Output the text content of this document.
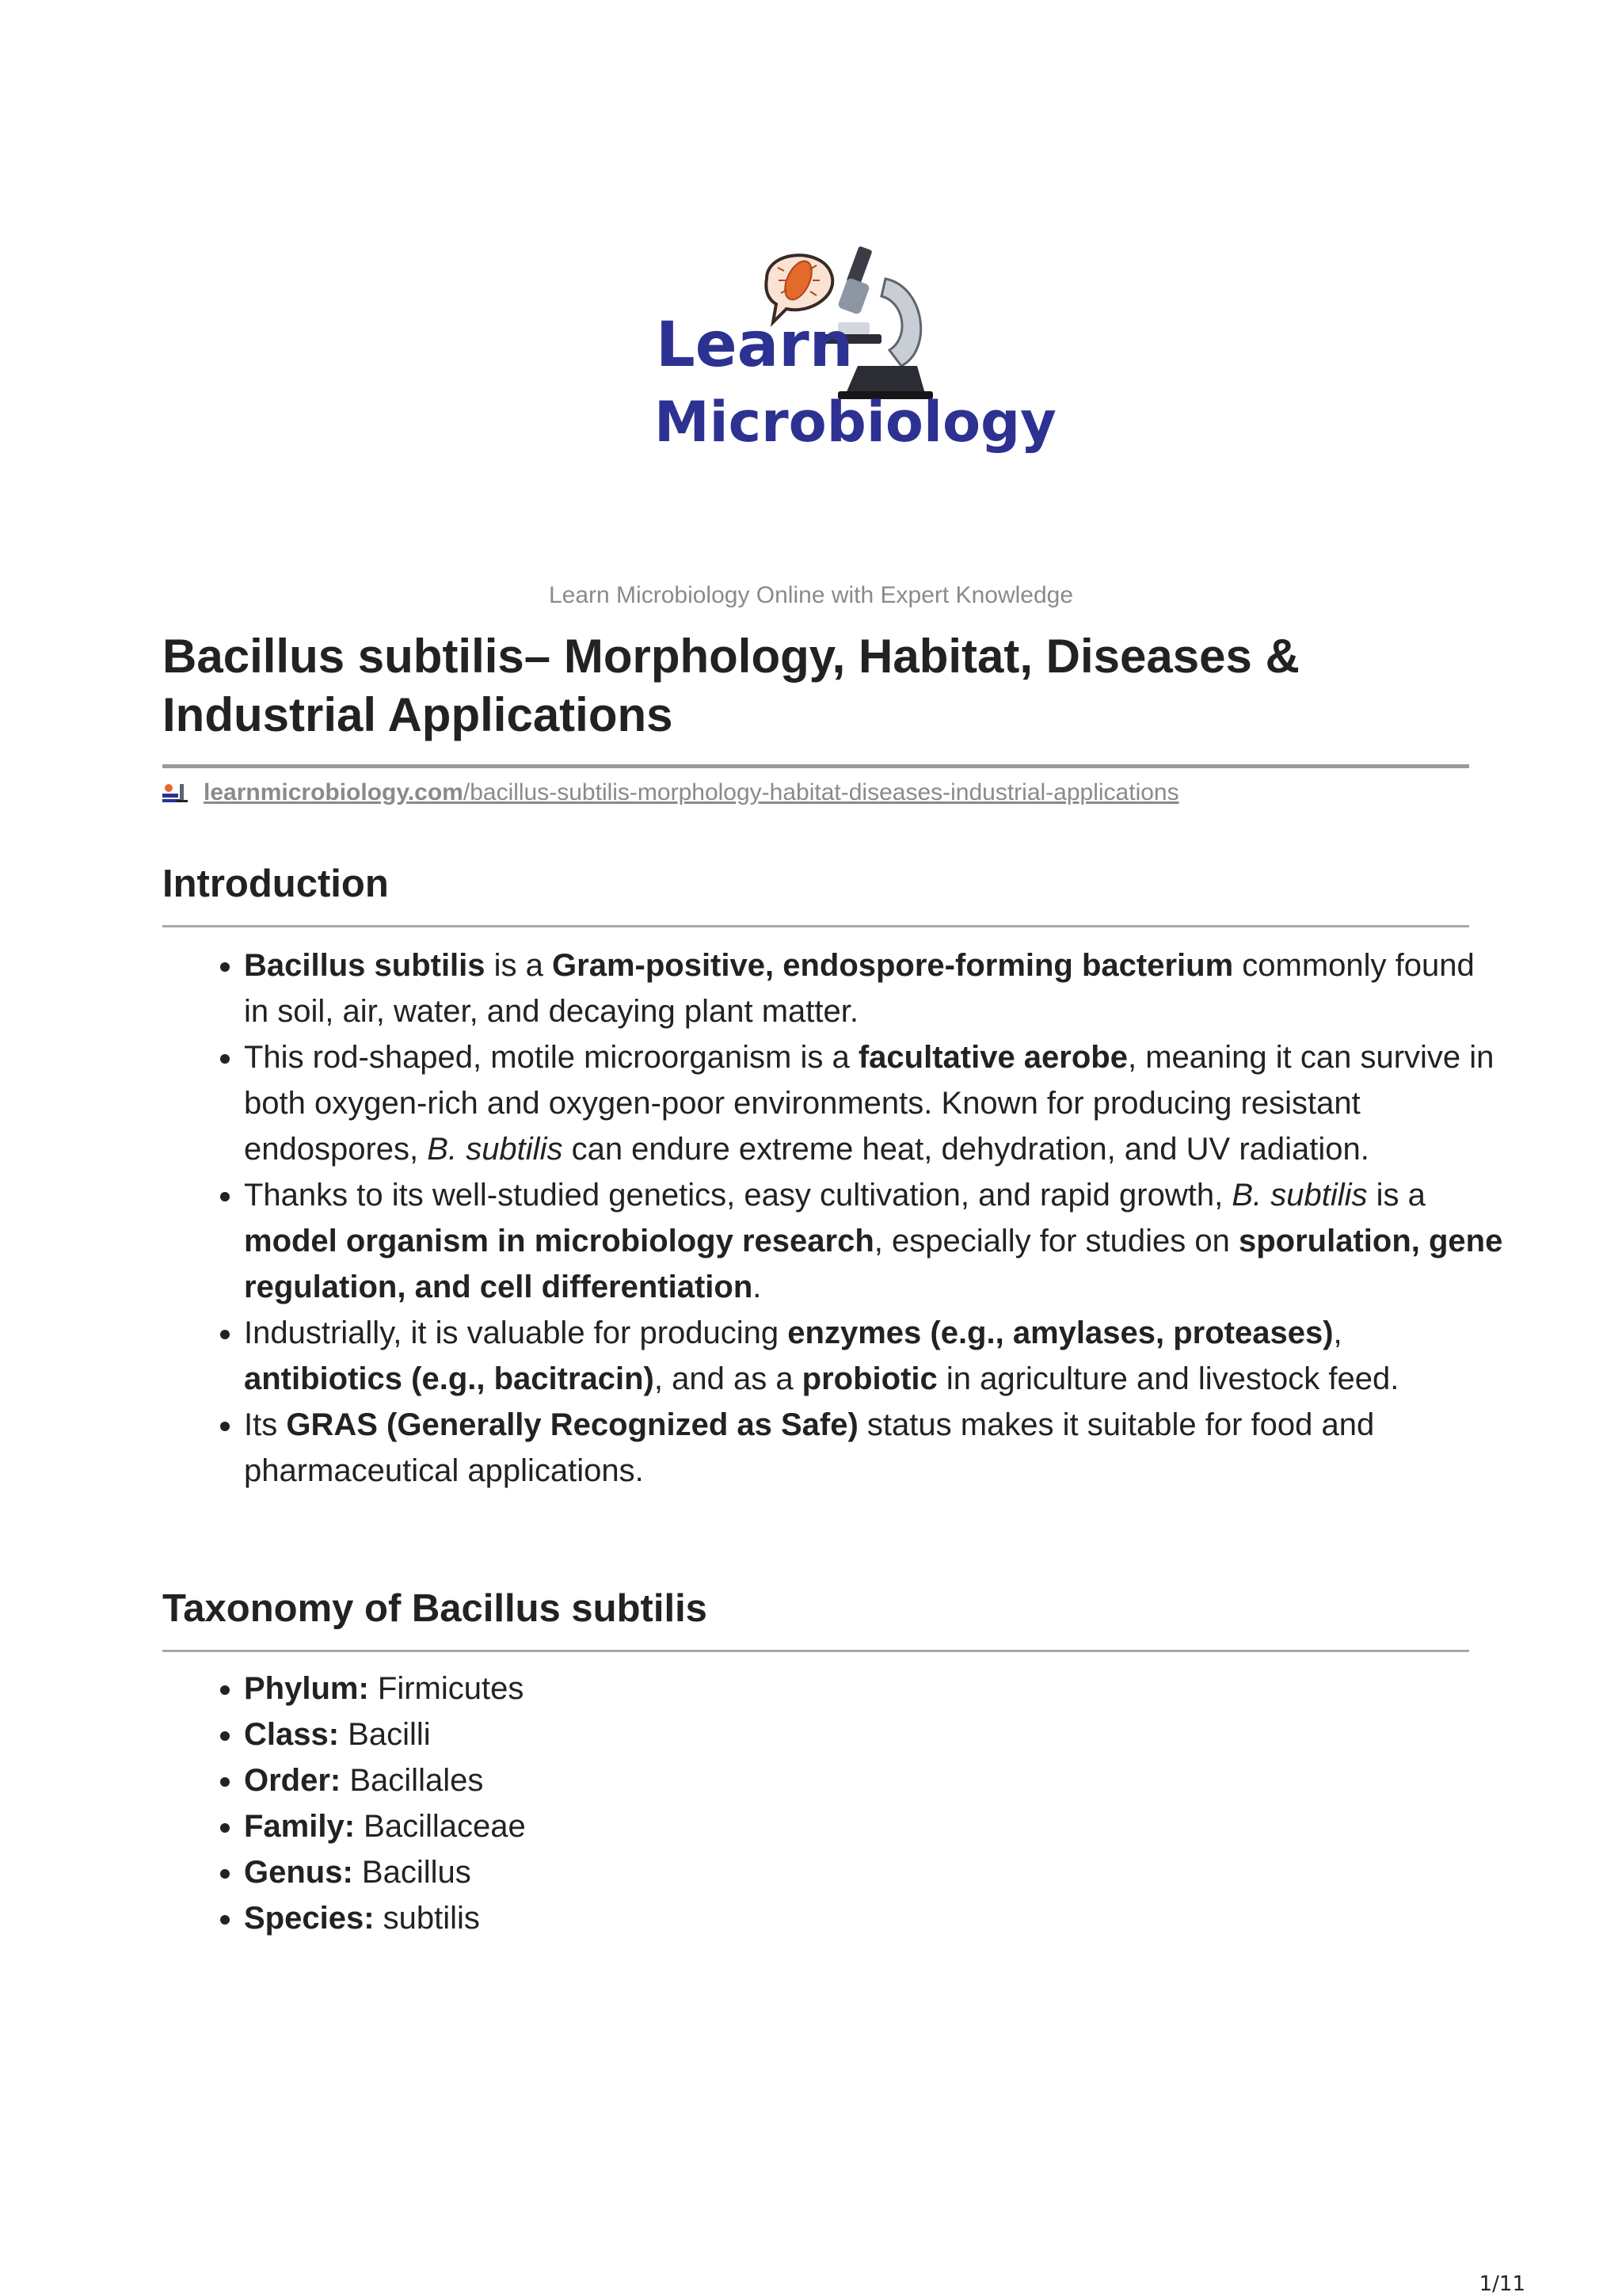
Learn
Microbiology
Learn Microbiology Online with Expert Knowledge
Bacillus subtilis– Morphology, Habitat, Diseases & Industrial Applications
learnmicrobiology.com/bacillus-subtilis-morphology-habitat-diseases-industrial-applications
Introduction
• Bacillus subtilis is a Gram-positive, endospore-forming bacterium commonly found in soil, air, water, and decaying plant matter.
• This rod-shaped, motile microorganism is a facultative aerobe, meaning it can survive in both oxygen-rich and oxygen-poor environments. Known for producing resistant endospores, B. subtilis can endure extreme heat, dehydration, and UV radiation.
• Thanks to its well-studied genetics, easy cultivation, and rapid growth, B. subtilis is a model organism in microbiology research, especially for studies on sporulation, gene regulation, and cell differentiation.
• Industrially, it is valuable for producing enzymes (e.g., amylases, proteases), antibiotics (e.g., bacitracin), and as a probiotic in agriculture and livestock feed.
• Its GRAS (Generally Recognized as Safe) status makes it suitable for food and pharmaceutical applications.
Taxonomy of Bacillus subtilis
• Phylum: Firmicutes
• Class: Bacilli
• Order: Bacillales
• Family: Bacillaceae
• Genus: Bacillus
• Species: subtilis
1/11
